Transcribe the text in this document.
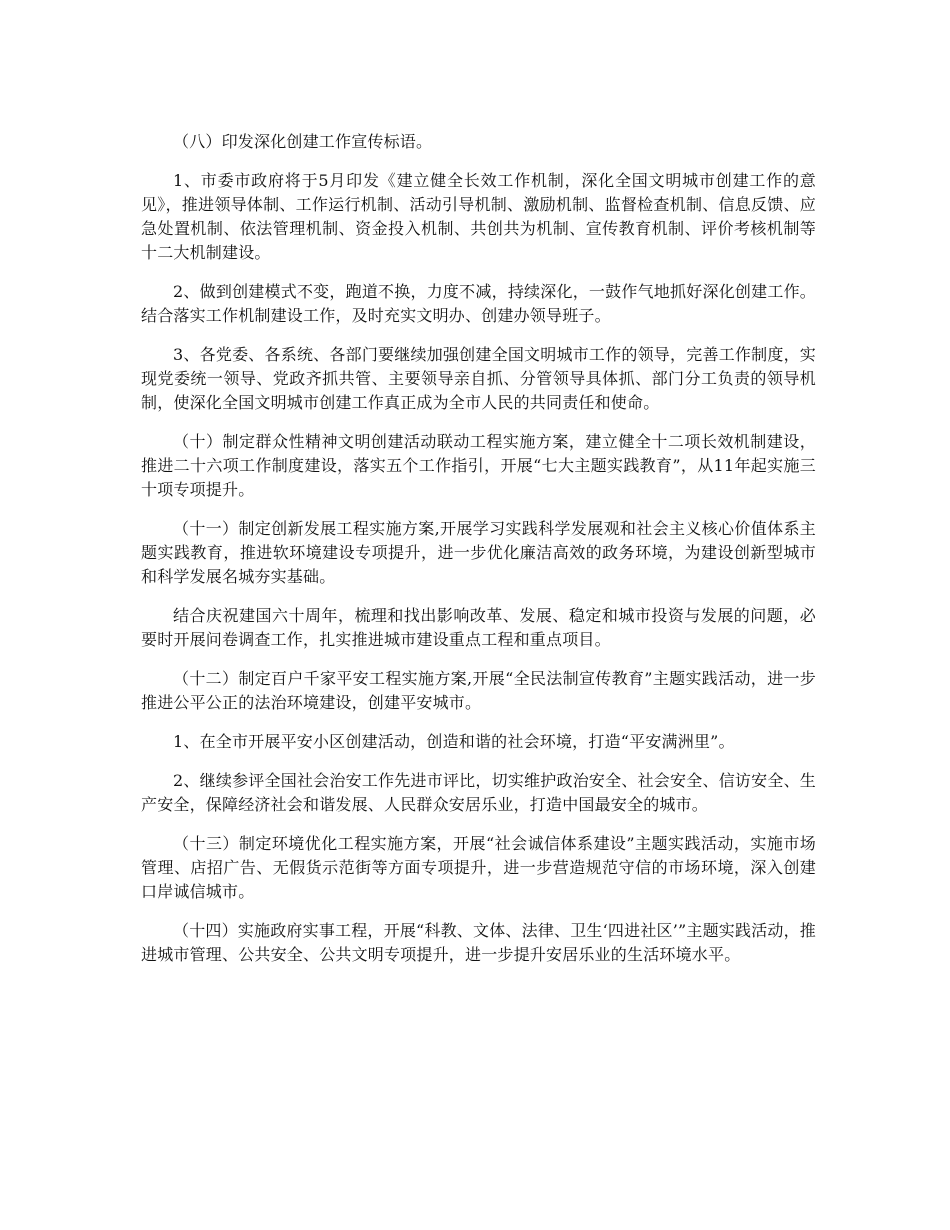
（八）印发深化创建工作宣传标语。

1、市委市政府将于5月印发《建立健全长效工作机制，深化全国文明城市创建工作的意见》，推进领导体制、工作运行机制、活动引导机制、激励机制、监督检查机制、信息反馈、应急处置机制、依法管理机制、资金投入机制、共创共为机制、宣传教育机制、评价考核机制等十二大机制建设。

2、做到创建模式不变，跑道不换，力度不减，持续深化，一鼓作气地抓好深化创建工作。结合落实工作机制建设工作，及时充实文明办、创建办领导班子。

3、各党委、各系统、各部门要继续加强创建全国文明城市工作的领导，完善工作制度，实现党委统一领导、党政齐抓共管、主要领导亲自抓、分管领导具体抓、部门分工负责的领导机制，使深化全国文明城市创建工作真正成为全市人民的共同责任和使命。

（十）制定群众性精神文明创建活动联动工程实施方案，建立健全十二项长效机制建设，推进二十六项工作制度建设，落实五个工作指引，开展“七大主题实践教育”，从11年起实施三十项专项提升。

（十一）制定创新发展工程实施方案,开展学习实践科学发展观和社会主义核心价值体系主题实践教育，推进软环境建设专项提升，进一步优化廉洁高效的政务环境，为建设创新型城市和科学发展名城夯实基础。

结合庆祝建国六十周年，梳理和找出影响改革、发展、稳定和城市投资与发展的问题，必要时开展问卷调查工作，扎实推进城市建设重点工程和重点项目。

（十二）制定百户千家平安工程实施方案,开展“全民法制宣传教育”主题实践活动，进一步推进公平公正的法治环境建设，创建平安城市。

1、在全市开展平安小区创建活动，创造和谐的社会环境，打造“平安满洲里”。

2、继续参评全国社会治安工作先进市评比，切实维护政治安全、社会安全、信访安全、生产安全，保障经济社会和谐发展、人民群众安居乐业，打造中国最安全的城市。

（十三）制定环境优化工程实施方案，开展“社会诚信体系建设”主题实践活动，实施市场管理、店招广告、无假货示范街等方面专项提升，进一步营造规范守信的市场环境，深入创建口岸诚信城市。

（十四）实施政府实事工程，开展“科教、文体、法律、卫生‘四进社区’”主题实践活动，推进城市管理、公共安全、公共文明专项提升，进一步提升安居乐业的生活环境水平。
